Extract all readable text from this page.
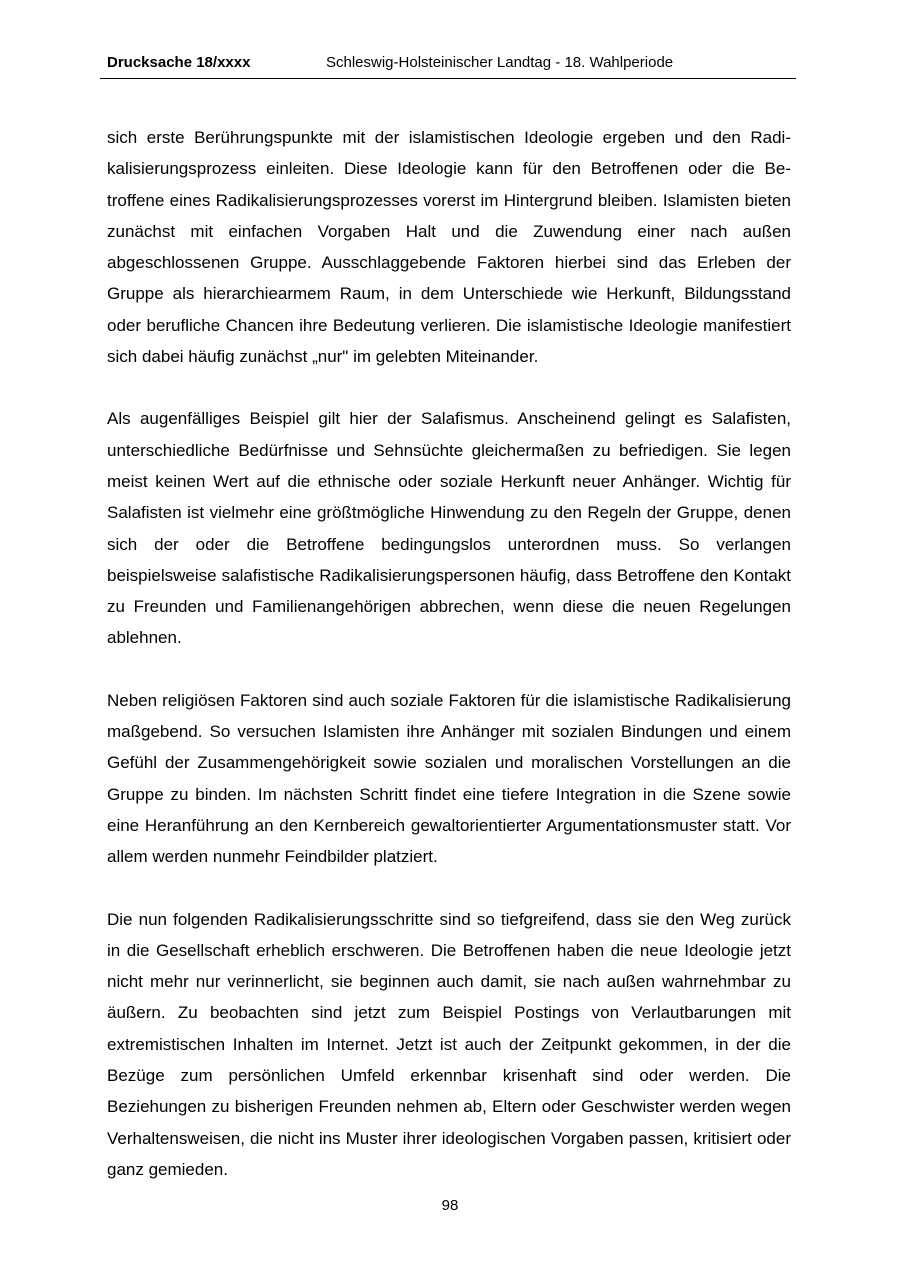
Drucksache 18/xxxx	Schleswig-Holsteinischer Landtag - 18. Wahlperiode

sich erste Berührungspunkte mit der islamistischen Ideologie ergeben und den Radikalisierungsprozess einleiten. Diese Ideologie kann für den Betroffenen oder die Betroffene eines Radikalisierungsprozesses vorerst im Hintergrund bleiben. Islamisten bieten zunächst mit einfachen Vorgaben Halt und die Zuwendung einer nach außen abgeschlossenen Gruppe. Ausschlaggebende Faktoren hierbei sind das Erleben der Gruppe als hierarchiearmem Raum, in dem Unterschiede wie Herkunft, Bildungsstand oder berufliche Chancen ihre Bedeutung verlieren. Die islamistische Ideologie manifestiert sich dabei häufig zunächst „nur" im gelebten Miteinander.

Als augenfälliges Beispiel gilt hier der Salafismus. Anscheinend gelingt es Salafisten, unterschiedliche Bedürfnisse und Sehnsüchte gleichermaßen zu befriedigen. Sie legen meist keinen Wert auf die ethnische oder soziale Herkunft neuer Anhänger. Wichtig für Salafisten ist vielmehr eine größtmögliche Hinwendung zu den Regeln der Gruppe, denen sich der oder die Betroffene bedingungslos unterordnen muss. So verlangen beispielsweise salafistische Radikalisierungspersonen häufig, dass Betroffene den Kontakt zu Freunden und Familienangehörigen abbrechen, wenn diese die neuen Regelungen ablehnen.

Neben religiösen Faktoren sind auch soziale Faktoren für die islamistische Radikalisierung maßgebend. So versuchen Islamisten ihre Anhänger mit sozialen Bindungen und einem Gefühl der Zusammengehörigkeit sowie sozialen und moralischen Vorstellungen an die Gruppe zu binden. Im nächsten Schritt findet eine tiefere Integration in die Szene sowie eine Heranführung an den Kernbereich gewaltorientierter Argumentationsmuster statt. Vor allem werden nunmehr Feindbilder platziert.

Die nun folgenden Radikalisierungsschritte sind so tiefgreifend, dass sie den Weg zurück in die Gesellschaft erheblich erschweren. Die Betroffenen haben die neue Ideologie jetzt nicht mehr nur verinnerlicht, sie beginnen auch damit, sie nach außen wahrnehmbar zu äußern. Zu beobachten sind jetzt zum Beispiel Postings von Verlautbarungen mit extremistischen Inhalten im Internet. Jetzt ist auch der Zeitpunkt gekommen, in der die Bezüge zum persönlichen Umfeld erkennbar krisenhaft sind oder werden. Die Beziehungen zu bisherigen Freunden nehmen ab, Eltern oder Geschwister werden wegen Verhaltensweisen, die nicht ins Muster ihrer ideologischen Vorgaben passen, kritisiert oder ganz gemieden.

98
